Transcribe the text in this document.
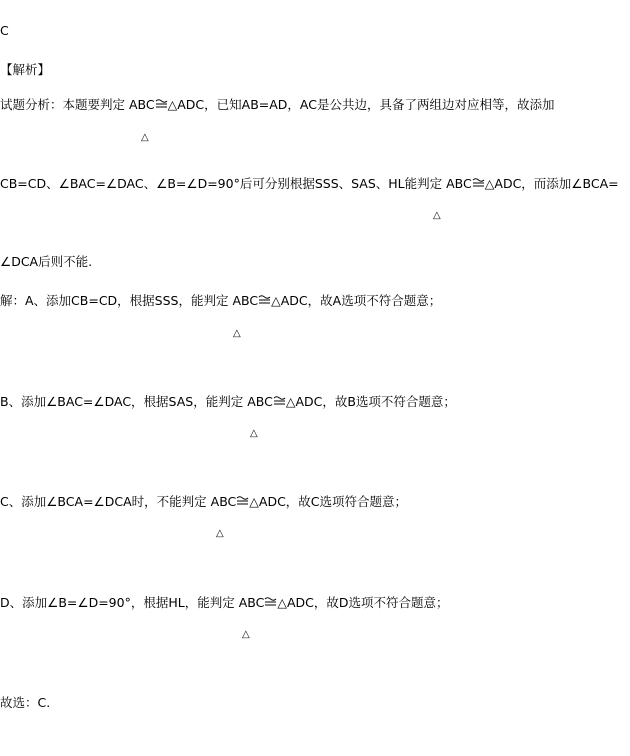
C
【解析】
试题分析：本题要判定 ABC △ADC，已知AB=AD，AC是公共边，具备了两组边对应相等，故添加
△
CB=CD、∠BAC=∠DAC、∠B=∠D=90°后可分别根据SSS、SAS、HL能判定 ABC △ADC，而添加∠BCA=
△
∠DCA后则不能.
解：A、添加CB=CD，根据SSS，能判定 ABC △ADC，故A选项不符合题意；
△
B、添加∠BAC=∠DAC，根据SAS，能判定 ABC △ADC，故B选项不符合题意；
△
C、添加∠BCA=∠DCA时，不能判定 ABC △ADC，故C选项符合题意；
△
D、添加∠B=∠D=90°，根据HL，能判定 ABC △ADC，故D选项不符合题意；
△
故选：C.
